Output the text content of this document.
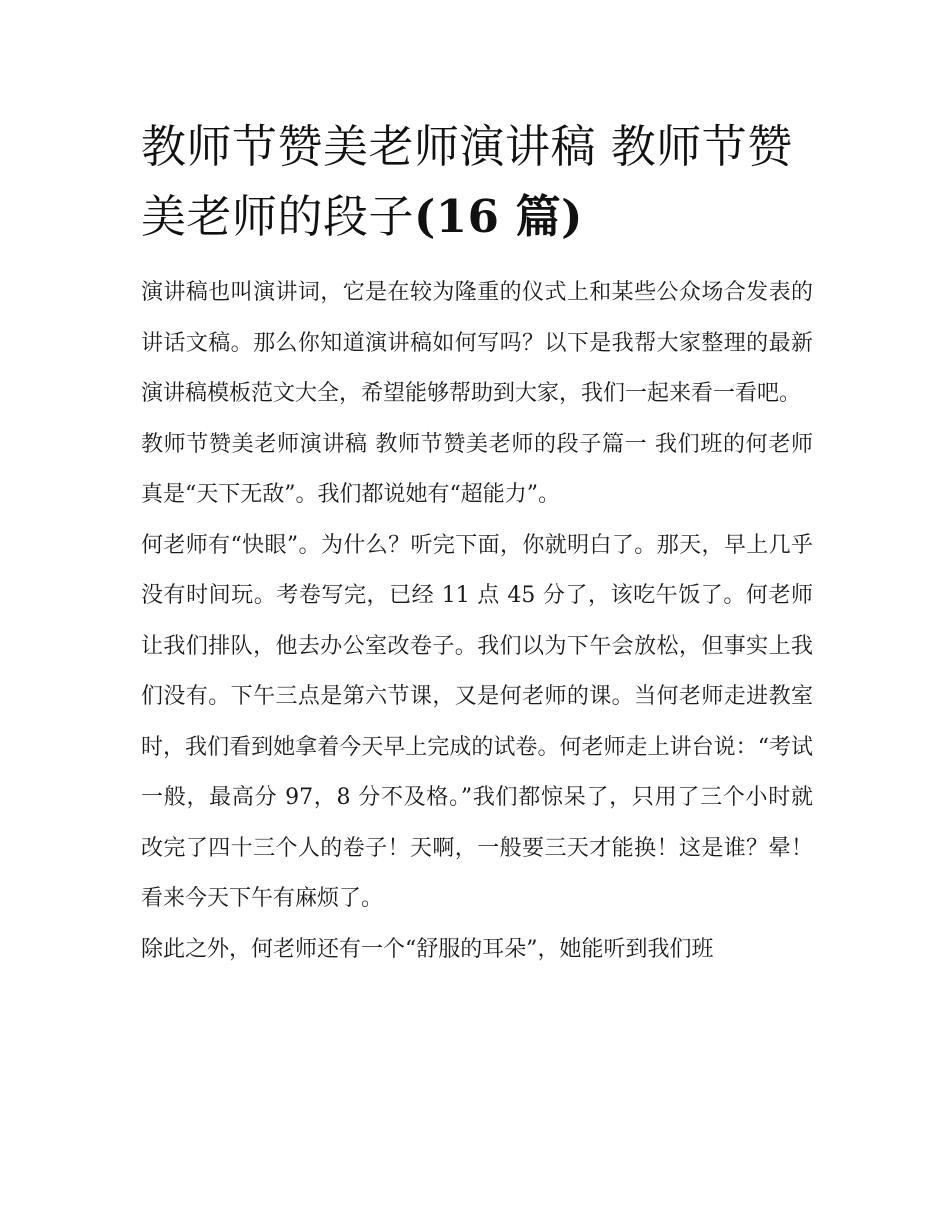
教师节赞美老师演讲稿 教师节赞美老师的段子(16 篇)

演讲稿也叫演讲词，它是在较为隆重的仪式上和某些公众场合发表的讲话文稿。那么你知道演讲稿如何写吗？以下是我帮大家整理的最新演讲稿模板范文大全，希望能够帮助到大家，我们一起来看一看吧。

教师节赞美老师演讲稿 教师节赞美老师的段子篇一 我们班的何老师真是“天下无敌”。我们都说她有“超能力”。

何老师有“快眼”。为什么？听完下面，你就明白了。那天，早上几乎没有时间玩。考卷写完，已经 11 点 45 分了，该吃午饭了。何老师让我们排队，他去办公室改卷子。我们以为下午会放松，但事实上我们没有。下午三点是第六节课，又是何老师的课。当何老师走进教室时，我们看到她拿着今天早上完成的试卷。何老师走上讲台说：“考试一般，最高分 97，8 分不及格。”我们都惊呆了，只用了三个小时就改完了四十三个人的卷子！天啊，一般要三天才能换！这是谁？晕！看来今天下午有麻烦了。

除此之外，何老师还有一个“舒服的耳朵”，她能听到我们班
